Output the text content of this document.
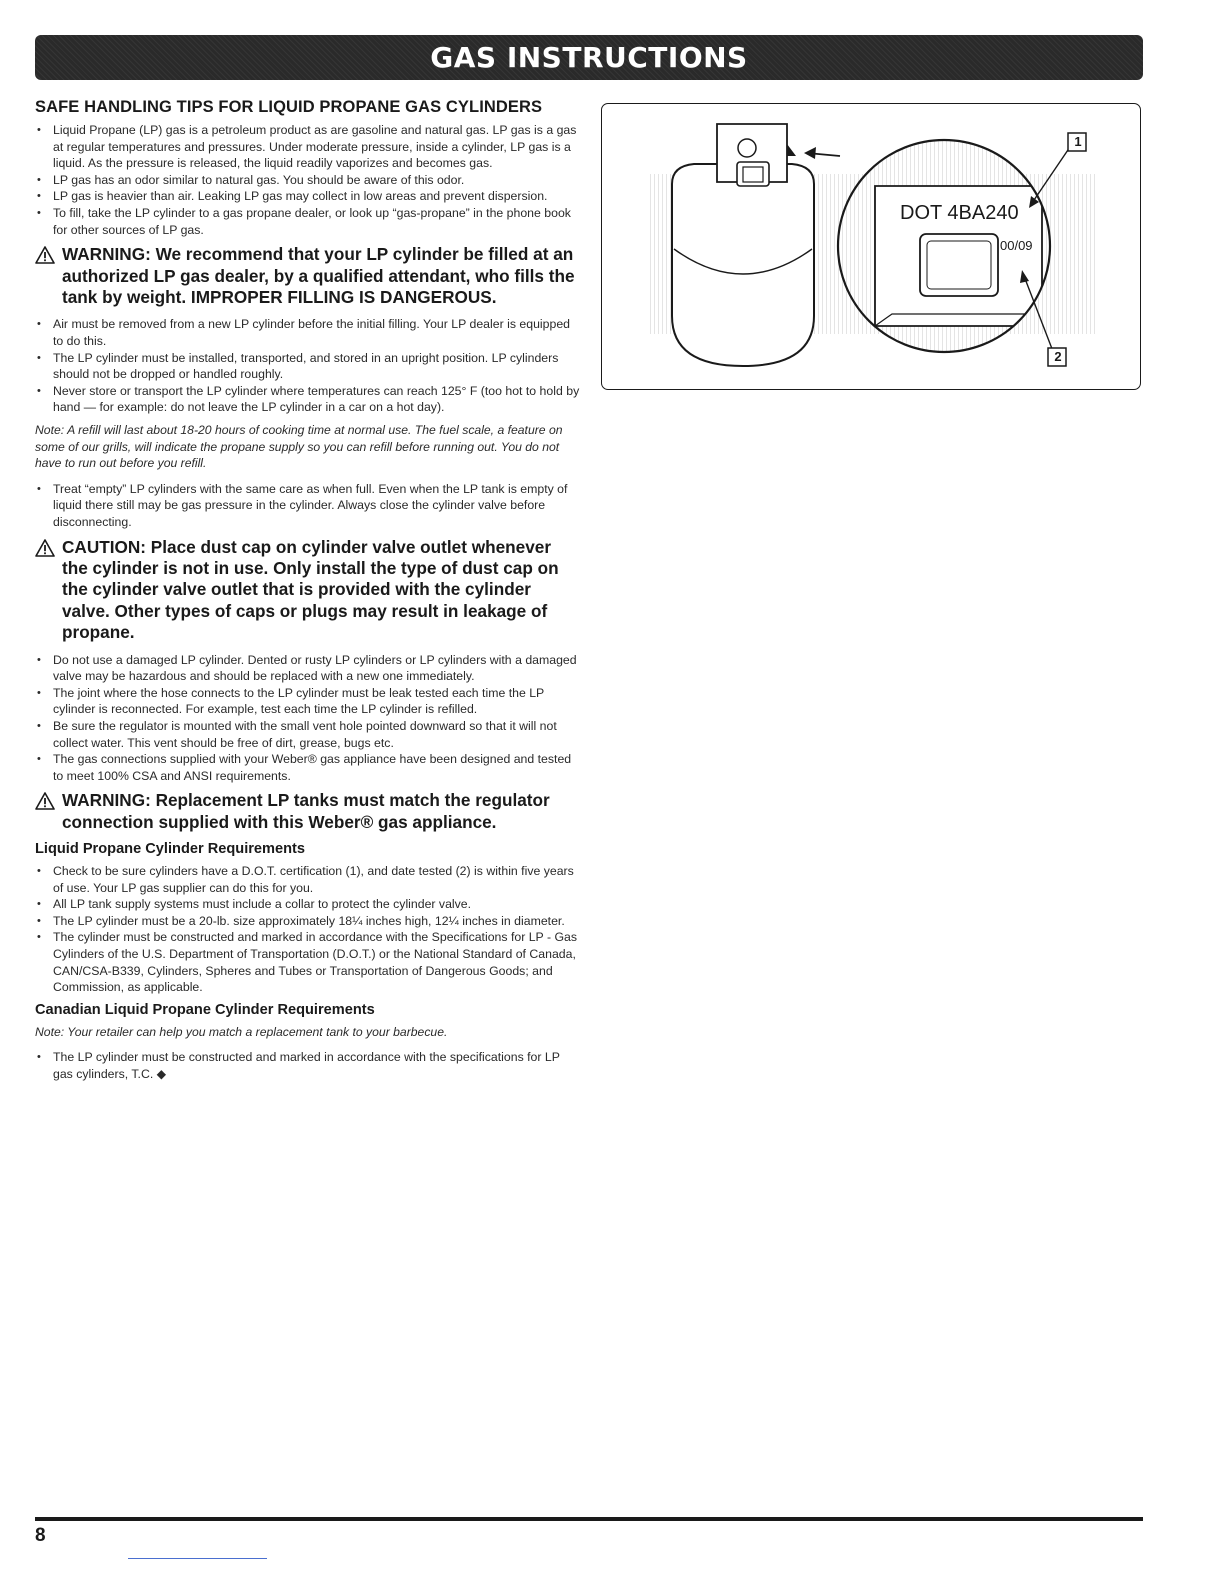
GAS INSTRUCTIONS
SAFE HANDLING TIPS FOR LIQUID PROPANE GAS CYLINDERS
• Liquid Propane (LP) gas is a petroleum product as are gasoline and natural gas. LP gas is a gas at regular temperatures and pressures. Under moderate pressure, inside a cylinder, LP gas is a liquid. As the pressure is released, the liquid readily vaporizes and becomes gas.
• LP gas has an odor similar to natural gas. You should be aware of this odor.
• LP gas is heavier than air. Leaking LP gas may collect in low areas and prevent dispersion.
• To fill, take the LP cylinder to a gas propane dealer, or look up “gas-propane” in the phone book for other sources of LP gas.
WARNING: We recommend that your LP cylinder be filled at an authorized LP gas dealer, by a qualified attendant, who fills the tank by weight. IMPROPER FILLING IS DANGEROUS.
• Air must be removed from a new LP cylinder before the initial filling. Your LP dealer is equipped to do this.
• The LP cylinder must be installed, transported, and stored in an upright position. LP cylinders should not be dropped or handled roughly.
• Never store or transport the LP cylinder where temperatures can reach 125° F (too hot to hold by hand — for example: do not leave the LP cylinder in a car on a hot day).
Note: A refill will last about 18-20 hours of cooking time at normal use. The fuel scale, a feature on some of our grills, will indicate the propane supply so you can refill before running out. You do not have to run out before you refill.
• Treat “empty” LP cylinders with the same care as when full. Even when the LP tank is empty of liquid there still may be gas pressure in the cylinder. Always close the cylinder valve before disconnecting.
CAUTION: Place dust cap on cylinder valve outlet whenever the cylinder is not in use. Only install the type of dust cap on the cylinder valve outlet that is provided with the cylinder valve. Other types of caps or plugs may result in leakage of propane.
• Do not use a damaged LP cylinder. Dented or rusty LP cylinders or LP cylinders with a damaged valve may be hazardous and should be replaced with a new one immediately.
• The joint where the hose connects to the LP cylinder must be leak tested each time the LP cylinder is reconnected. For example, test each time the LP cylinder is refilled.
• Be sure the regulator is mounted with the small vent hole pointed downward so that it will not collect water. This vent should be free of dirt, grease, bugs etc.
• The gas connections supplied with your Weber® gas appliance have been designed and tested to meet 100% CSA and ANSI requirements.
WARNING: Replacement LP tanks must match the regulator connection supplied with this Weber® gas appliance.
Liquid Propane Cylinder Requirements
• Check to be sure cylinders have a D.O.T. certification (1), and date tested (2) is within five years of use. Your LP gas supplier can do this for you.
• All LP tank supply systems must include a collar to protect the cylinder valve.
• The LP cylinder must be a 20-lb. size approximately 18¼ inches high, 12¼ inches in diameter.
• The cylinder must be constructed and marked in accordance with the Specifications for LP - Gas Cylinders of the U.S. Department of Transportation (D.O.T.) or the National Standard of Canada, CAN/CSA-B339, Cylinders, Spheres and Tubes or Transportation of Dangerous Goods; and Commission, as applicable.
Canadian Liquid Propane Cylinder Requirements
Note: Your retailer can help you match a replacement tank to your barbecue.
• The LP cylinder must be constructed and marked in accordance with the specifications for LP gas cylinders, T.C. ◆
DOT 4BA240
00/09
1
2
8
